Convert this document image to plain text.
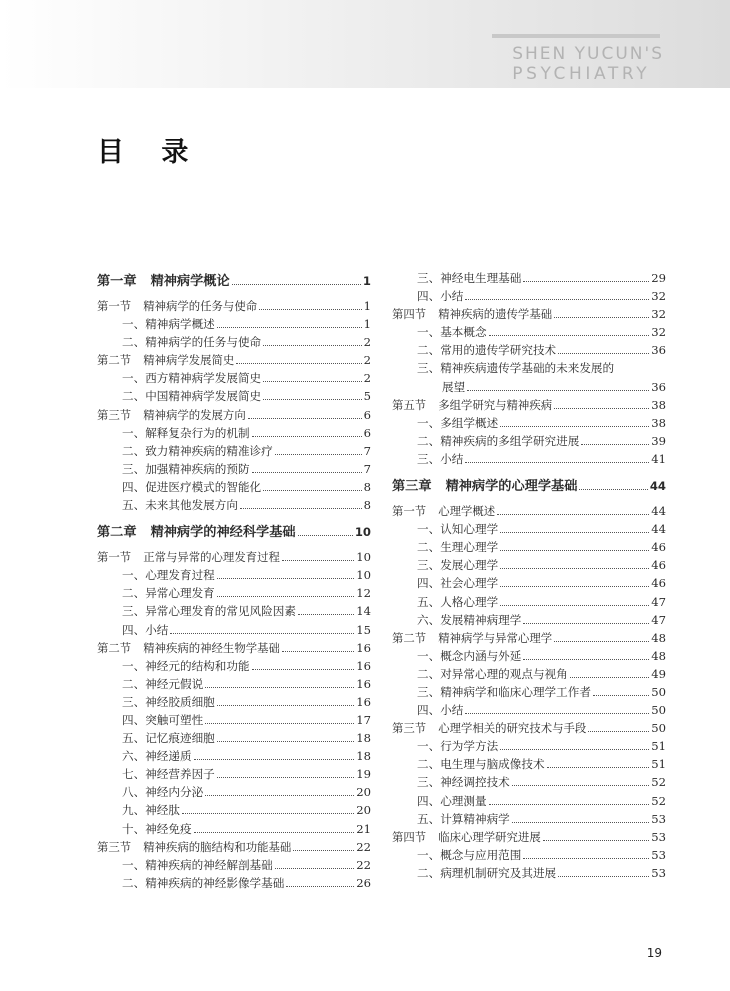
SHEN YUCUN'S
PSYCHIATRY
目 录
第一章 精神病学概论	1
第一节 精神病学的任务与使命	1
一、精神病学概述	1
二、精神病学的任务与使命	2
第二节 精神病学发展简史	2
一、西方精神病学发展简史	2
二、中国精神病学发展简史	5
第三节 精神病学的发展方向	6
一、解释复杂行为的机制	6
二、致力精神疾病的精准诊疗	7
三、加强精神疾病的预防	7
四、促进医疗模式的智能化	8
五、未来其他发展方向	8
第二章 精神病学的神经科学基础	10
第一节 正常与异常的心理发育过程	10
一、心理发育过程	10
二、异常心理发育	12
三、异常心理发育的常见风险因素	14
四、小结	15
第二节 精神疾病的神经生物学基础	16
一、神经元的结构和功能	16
二、神经元假说	16
三、神经胶质细胞	16
四、突触可塑性	17
五、记忆痕迹细胞	18
六、神经递质	18
七、神经营养因子	19
八、神经内分泌	20
九、神经肽	20
十、神经免疫	21
第三节 精神疾病的脑结构和功能基础	22
一、精神疾病的神经解剖基础	22
二、精神疾病的神经影像学基础	26
三、神经电生理基础	29
四、小结	32
第四节 精神疾病的遗传学基础	32
一、基本概念	32
二、常用的遗传学研究技术	36
三、精神疾病遗传学基础的未来发展的
展望	36
第五节 多组学研究与精神疾病	38
一、多组学概述	38
二、精神疾病的多组学研究进展	39
三、小结	41
第三章 精神病学的心理学基础	44
第一节 心理学概述	44
一、认知心理学	44
二、生理心理学	46
三、发展心理学	46
四、社会心理学	46
五、人格心理学	47
六、发展精神病理学	47
第二节 精神病学与异常心理学	48
一、概念内涵与外延	48
二、对异常心理的观点与视角	49
三、精神病学和临床心理学工作者	50
四、小结	50
第三节 心理学相关的研究技术与手段	50
一、行为学方法	51
二、电生理与脑成像技术	51
三、神经调控技术	52
四、心理测量	52
五、计算精神病学	53
第四节 临床心理学研究进展	53
一、概念与应用范围	53
二、病理机制研究及其进展	53
19
